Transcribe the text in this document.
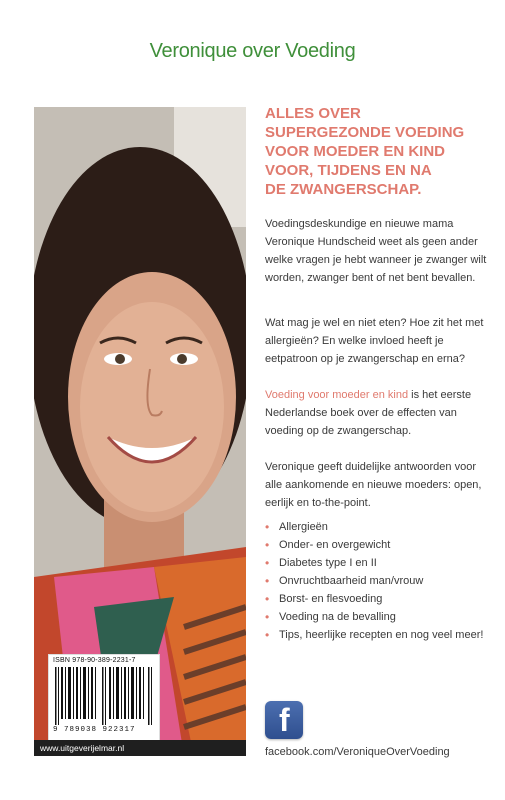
Veronique over Voeding
ISBN 978-90-389-2231-7
9 789038 922317
www.uitgeverijelmar.nl
ALLES OVER
SUPERGEZONDE VOEDING
VOOR MOEDER EN KIND
VOOR, TIJDENS EN NA
DE ZWANGERSCHAP.

Voedingsdeskundige en nieuwe mama Veronique Hundscheid weet als geen ander welke vragen je hebt wanneer je zwanger wilt worden, zwanger bent of net bent bevallen.

Wat mag je wel en niet eten? Hoe zit het met allergieën? En welke invloed heeft je eetpatroon op je zwangerschap en erna?

Voeding voor moeder en kind is het eerste Nederlandse boek over de effecten van voeding op de zwangerschap.

Veronique geeft duidelijke antwoorden voor alle aankomende en nieuwe moeders: open, eerlijk en to-the-point.

• Allergieën
• Onder- en overgewicht
• Diabetes type I en II
• Onvruchtbaarheid man/vrouw
• Borst- en flesvoeding
• Voeding na de bevalling
• Tips, heerlijke recepten en nog veel meer!
f
facebook.com/VeroniqueOverVoeding
